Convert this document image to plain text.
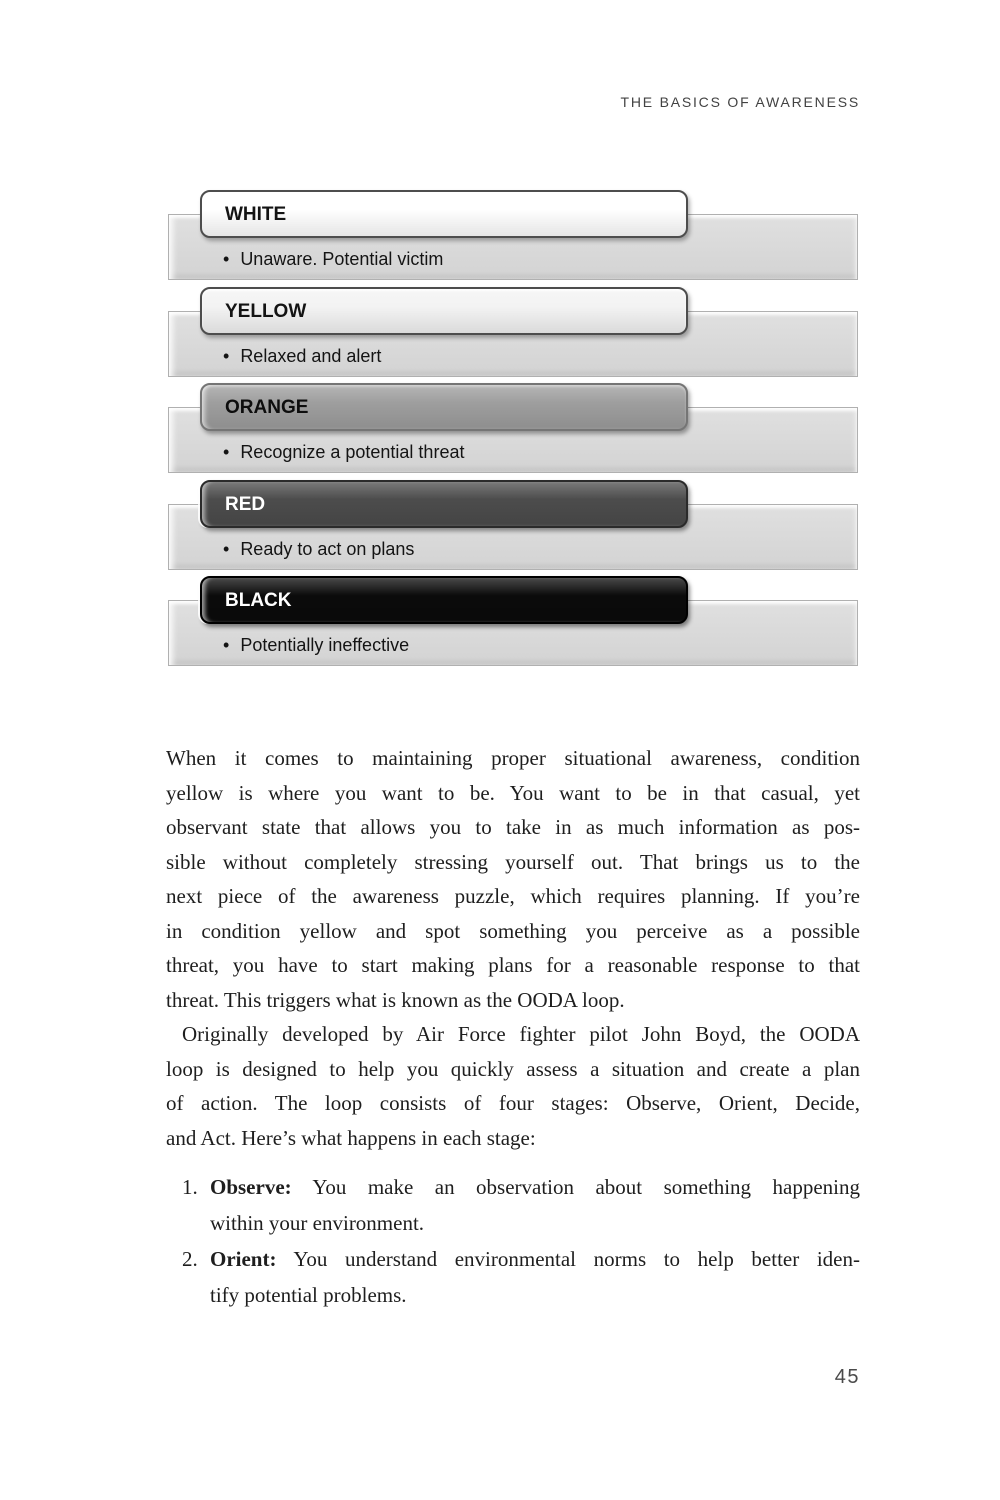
THE BASICS OF AWARENESS
• Unaware. Potential victim
WHITE
• Relaxed and alert
YELLOW
• Recognize a potential threat
ORANGE
• Ready to act on plans
RED
• Potentially ineffective
BLACK
When it comes to maintaining proper situational awareness, condition
yellow is where you want to be. You want to be in that casual, yet
observant state that allows you to take in as much information as pos-
sible without completely stressing yourself out. That brings us to the
next piece of the awareness puzzle, which requires planning. If you’re
in condition yellow and spot something you perceive as a possible
threat, you have to start making plans for a reasonable response to that
threat. This triggers what is known as the OODA loop.
Originally developed by Air Force fighter pilot John Boyd, the OODA
loop is designed to help you quickly assess a situation and create a plan
of action. The loop consists of four stages: Observe, Orient, Decide,
and Act. Here’s what happens in each stage:
1. Observe: You make an observation about something happening
within your environment.
2. Orient: You understand environmental norms to help better iden-
tify potential problems.
45
